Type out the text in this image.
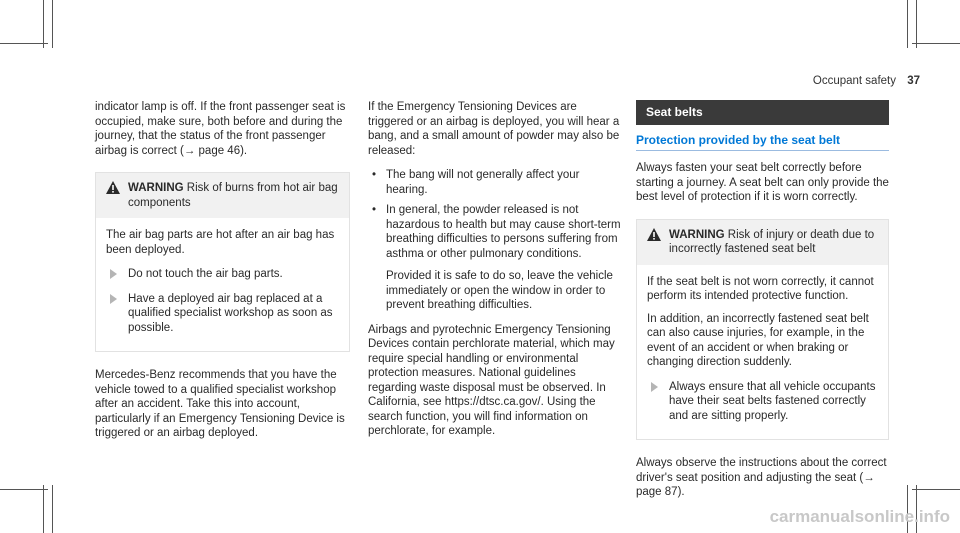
Occupant safety 37

indicator lamp is off. If the front passenger seat is occupied, make sure, both before and during the journey, that the status of the front passenger airbag is correct (→ page 46).

WARNING Risk of burns from hot air bag components

The air bag parts are hot after an air bag has been deployed.

Do not touch the air bag parts.
Have a deployed air bag replaced at a qualified specialist workshop as soon as possible.

Mercedes-Benz recommends that you have the vehicle towed to a qualified specialist workshop after an accident. Take this into account, particularly if an Emergency Tensioning Device is triggered or an airbag deployed.

If the Emergency Tensioning Devices are triggered or an airbag is deployed, you will hear a bang, and a small amount of powder may also be released:

• The bang will not generally affect your hearing.
• In general, the powder released is not hazardous to health but may cause short-term breathing difficulties to persons suffering from asthma or other pulmonary conditions.

Provided it is safe to do so, leave the vehicle immediately or open the window in order to prevent breathing difficulties.

Airbags and pyrotechnic Emergency Tensioning Devices contain perchlorate material, which may require special handling or environmental protection measures. National guidelines regarding waste disposal must be observed. In California, see https://dtsc.ca.gov/. Using the search function, you will find information on perchlorate, for example.

Seat belts
Protection provided by the seat belt

Always fasten your seat belt correctly before starting a journey. A seat belt can only provide the best level of protection if it is worn correctly.

WARNING Risk of injury or death due to incorrectly fastened seat belt

If the seat belt is not worn correctly, it cannot perform its intended protective function.

In addition, an incorrectly fastened seat belt can also cause injuries, for example, in the event of an accident or when braking or changing direction suddenly.

Always ensure that all vehicle occupants have their seat belts fastened correctly and are sitting properly.

Always observe the instructions about the correct driver's seat position and adjusting the seat (→ page 87).

carmanualsonline.info
